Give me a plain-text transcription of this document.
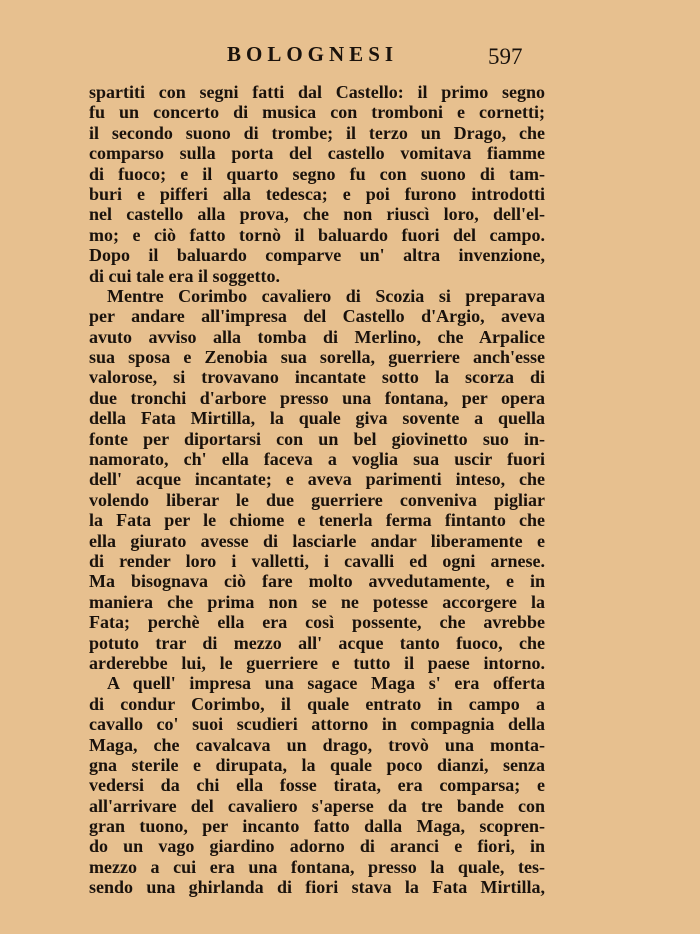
BOLOGNESI	597
spartiti con segni fatti dal Castello: il primo segno
fu un concerto di musica con tromboni e cornetti;
il secondo suono di trombe; il terzo un Drago, che
comparso sulla porta del castello vomitava fiamme
di fuoco; e il quarto segno fu con suono di tam-
buri e pifferi alla tedesca; e poi furono introdotti
nel castello alla prova, che non riuscì loro, dell'el-
mo; e ciò fatto tornò il baluardo fuori del campo.
Dopo il baluardo comparve un' altra invenzione,
di cui tale era il soggetto.
Mentre Corimbo cavaliero di Scozia si preparava
per andare all'impresa del Castello d'Argio, aveva
avuto avviso alla tomba di Merlino, che Arpalice
sua sposa e Zenobia sua sorella, guerriere anch'esse
valorose, si trovavano incantate sotto la scorza di
due tronchi d'arbore presso una fontana, per opera
della Fata Mirtilla, la quale giva sovente a quella
fonte per diportarsi con un bel giovinetto suo in-
namorato, ch' ella faceva a voglia sua uscir fuori
dell' acque incantate; e aveva parimenti inteso, che
volendo liberar le due guerriere conveniva pigliar
la Fata per le chiome e tenerla ferma fintanto che
ella giurato avesse di lasciarle andar liberamente e
di render loro i valletti, i cavalli ed ogni arnese.
Ma bisognava ciò fare molto avvedutamente, e in
maniera che prima non se ne potesse accorgere la
Fata; perchè ella era così possente, che avrebbe
potuto trar di mezzo all' acque tanto fuoco, che
arderebbe lui, le guerriere e tutto il paese intorno.
A quell' impresa una sagace Maga s' era offerta
di condur Corimbo, il quale entrato in campo a
cavallo co' suoi scudieri attorno in compagnia della
Maga, che cavalcava un drago, trovò una monta-
gna sterile e dirupata, la quale poco dianzi, senza
vedersi da chi ella fosse tirata, era comparsa; e
all'arrivare del cavaliero s'aperse da tre bande con
gran tuono, per incanto fatto dalla Maga, scopren-
do un vago giardino adorno di aranci e fiori, in
mezzo a cui era una fontana, presso la quale, tes-
sendo una ghirlanda di fiori stava la Fata Mirtilla,
